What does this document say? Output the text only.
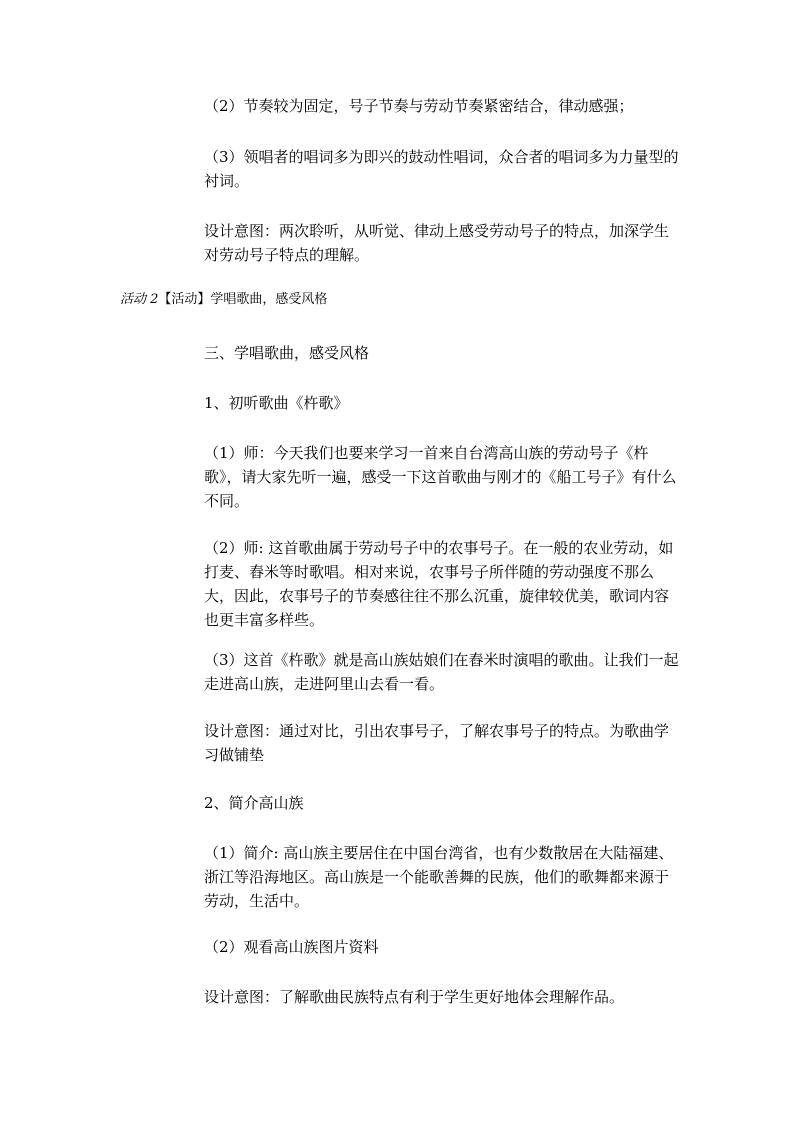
（2）节奏较为固定，号子节奏与劳动节奏紧密结合，律动感强；

（3）领唱者的唱词多为即兴的鼓动性唱词，众合者的唱词多为力量型的衬词。

设计意图：两次聆听，从听觉、律动上感受劳动号子的特点，加深学生对劳动号子特点的理解。

活动 2【活动】学唱歌曲，感受风格

三、学唱歌曲，感受风格

1、初听歌曲《杵歌》

（1）师：今天我们也要来学习一首来自台湾高山族的劳动号子《杵歌》，请大家先听一遍，感受一下这首歌曲与刚才的《船工号子》有什么不同。

（2）师: 这首歌曲属于劳动号子中的农事号子。在一般的农业劳动，如打麦、舂米等时歌唱。相对来说，农事号子所伴随的劳动强度不那么大，因此，农事号子的节奏感往往不那么沉重，旋律较优美，歌词内容也更丰富多样些。

（3）这首《杵歌》就是高山族姑娘们在舂米时演唱的歌曲。让我们一起走进高山族，走进阿里山去看一看。

设计意图：通过对比，引出农事号子，了解农事号子的特点。为歌曲学习做铺垫

2、简介高山族

（1）简介: 高山族主要居住在中国台湾省，也有少数散居在大陆福建、浙江等沿海地区。高山族是一个能歌善舞的民族，他们的歌舞都来源于劳动，生活中。

（2）观看高山族图片资料

设计意图：了解歌曲民族特点有利于学生更好地体会理解作品。
